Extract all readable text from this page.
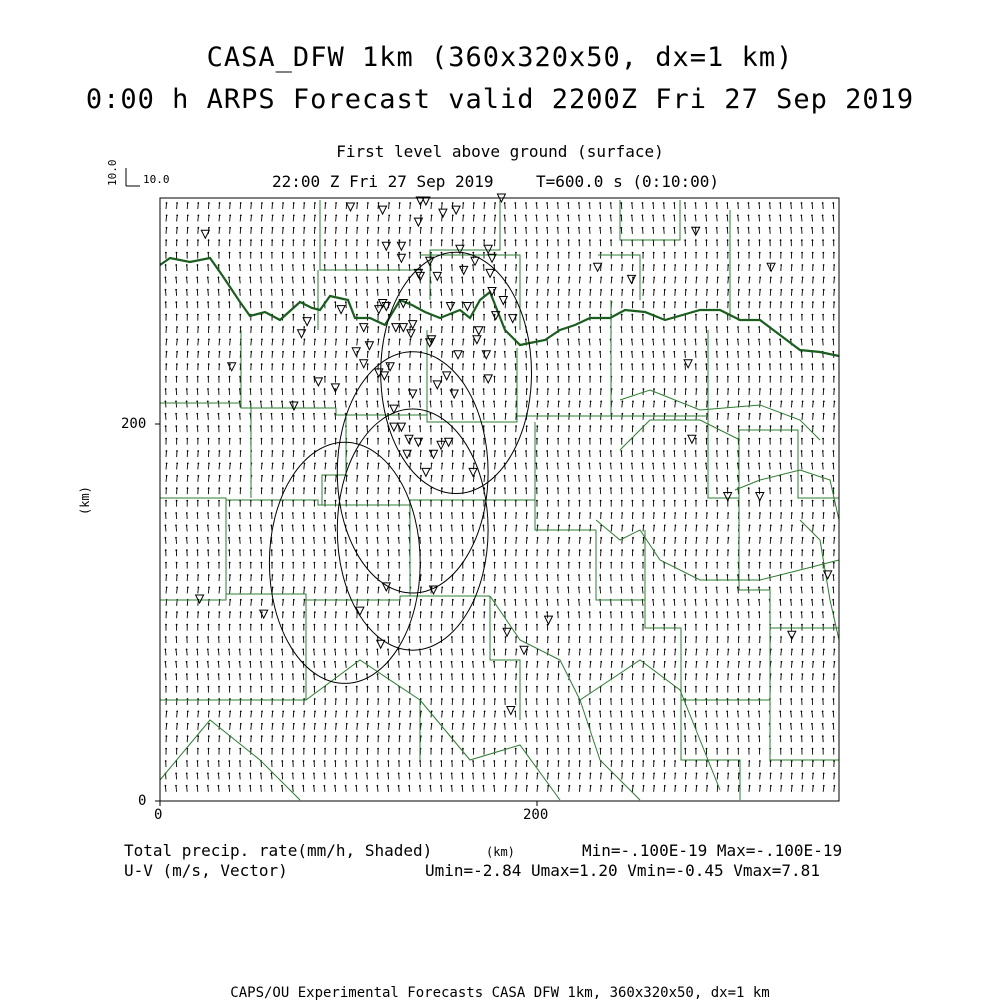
CASA_DFW 1km (360x320x50, dx=1 km)
0:00 h ARPS Forecast valid 2200Z Fri 27 Sep 2019
First level above ground (surface)
22:00 Z Fri 27 Sep 2019	T=600.0 s (0:10:00)
10.0 10.0
(km)
200
0
0	200
(km)
Total precip. rate(mm/h, Shaded)
U-V (m/s, Vector)
Min=-.100E-19 Max=-.100E-19
Umin=-2.84 Umax=1.20 Vmin=-0.45 Vmax=7.81
CAPS/OU Experimental Forecasts CASA DFW 1km, 360x320x50, dx=1 km
